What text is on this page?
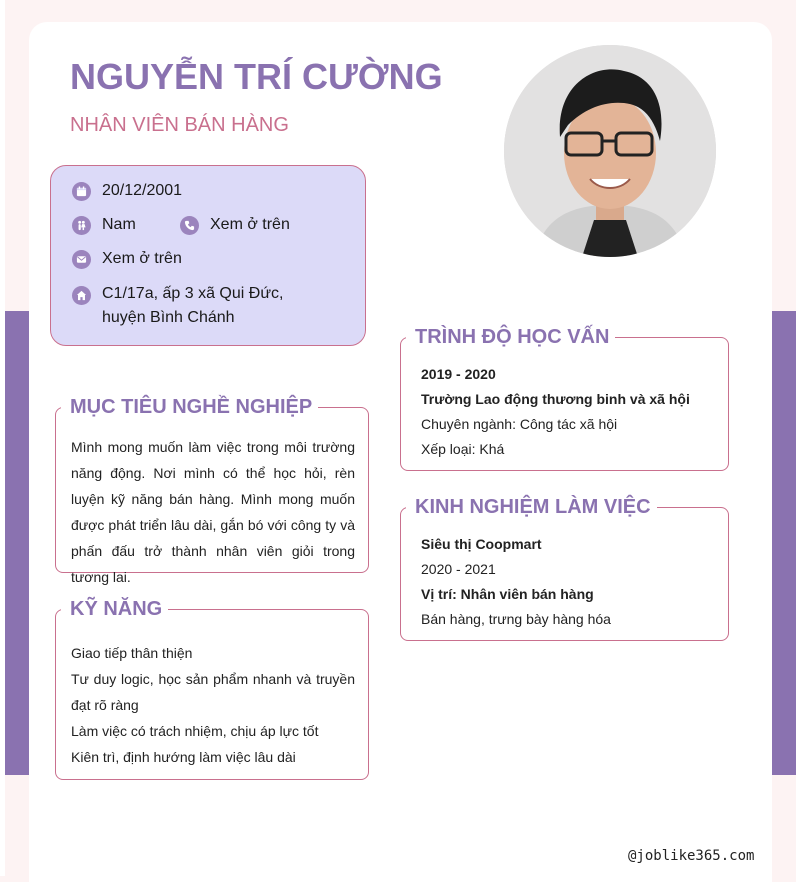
NGUYỄN TRÍ CƯỜNG
NHÂN VIÊN BÁN HÀNG
20/12/2001
Nam	Xem ở trên
Xem ở trên
C1/17a, ấp 3 xã Qui Đức, huyện Bình Chánh
Mình mong muốn làm việc trong môi trường năng động. Nơi mình có thể học hỏi, rèn luyện kỹ năng bán hàng. Mình mong muốn được phát triển lâu dài, gắn bó với công ty và phấn đấu trở thành nhân viên giỏi trong tương lai.
MỤC TIÊU NGHỀ NGHIỆP
Giao tiếp thân thiện
Tư duy logic, học sản phẩm nhanh và truyền đạt rõ ràng
Làm việc có trách nhiệm, chịu áp lực tốt
Kiên trì, định hướng làm việc lâu dài
KỸ NĂNG
2019 - 2020
Trường Lao động thương binh và xã hội
Chuyên ngành: Công tác xã hội
Xếp loại: Khá
TRÌNH ĐỘ HỌC VẤN
Siêu thị Coopmart
2020 - 2021
Vị trí: Nhân viên bán hàng
Bán hàng, trưng bày hàng hóa
KINH NGHIỆM LÀM VIỆC
@joblike365.com
